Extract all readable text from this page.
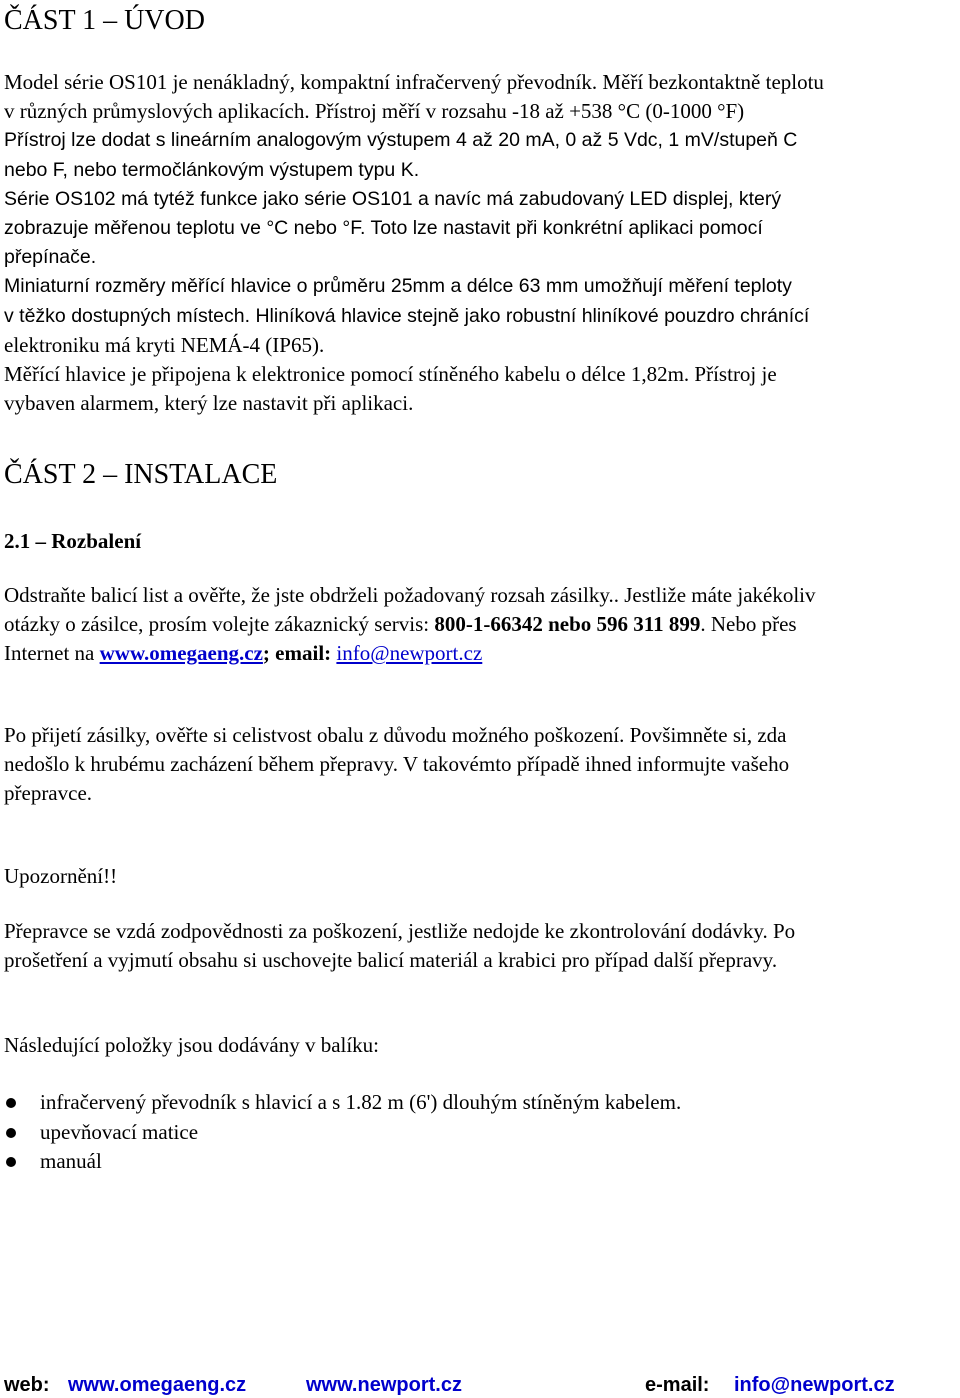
ČÁST 1 – ÚVOD

Model série OS101 je nenákladný, kompaktní infračervený převodník. Měří bezkontaktně teplotu
v různých průmyslových aplikacích. Přístroj měří v rozsahu -18 až +538 °C (0-1000 °F)
Přístroj lze dodat s lineárním analogovým výstupem 4 až 20 mA, 0 až 5 Vdc, 1 mV/stupeň C
nebo F, nebo termočlánkovým výstupem typu K.
Série OS102 má tytéž funkce jako série OS101 a navíc má zabudovaný LED displej, který
zobrazuje měřenou teplotu ve °C nebo °F. Toto lze nastavit při konkrétní aplikaci pomocí
přepínače.
Miniaturní rozměry měřící hlavice o průměru 25mm a délce 63 mm umožňují měření teploty
v těžko dostupných místech. Hliníková hlavice stejně jako robustní hliníkové pouzdro chránící
elektroniku má kryti NEMÁ-4 (IP65).
Měřící hlavice je připojena k elektronice pomocí stíněného kabelu o délce 1,82m. Přístroj je
vybaven alarmem, který lze nastavit při aplikaci.

ČÁST 2 – INSTALACE
2.1 – Rozbalení

Odstraňte balicí list a ověřte, že jste obdrželi požadovaný rozsah zásilky.. Jestliže máte jakékoliv
otázky o zásilce, prosím volejte zákaznický servis: 800-1-66342 nebo 596 311 899. Nebo přes
Internet na www.omegaeng.cz; email: info@newport.cz

Po přijetí zásilky, ověřte si celistvost obalu z důvodu možného poškození. Povšimněte si, zda
nedošlo k hrubému zacházení během přepravy. V takovémto případě ihned informujte vašeho
přepravce.

Upozornění!!

Přepravce se vzdá zodpovědnosti za poškození, jestliže nedojde ke zkontrolování dodávky. Po
prošetření a vyjmutí obsahu si uschovejte balicí materiál a krabici pro případ další přepravy.

Následující položky jsou dodávány v balíku:

infračervený převodník s hlavicí a s 1.82 m (6') dlouhým stíněným kabelem.
upevňovací matice
manuál
web: www.omegaeng.cz	www.newport.cz	e-mail: info@newport.cz
